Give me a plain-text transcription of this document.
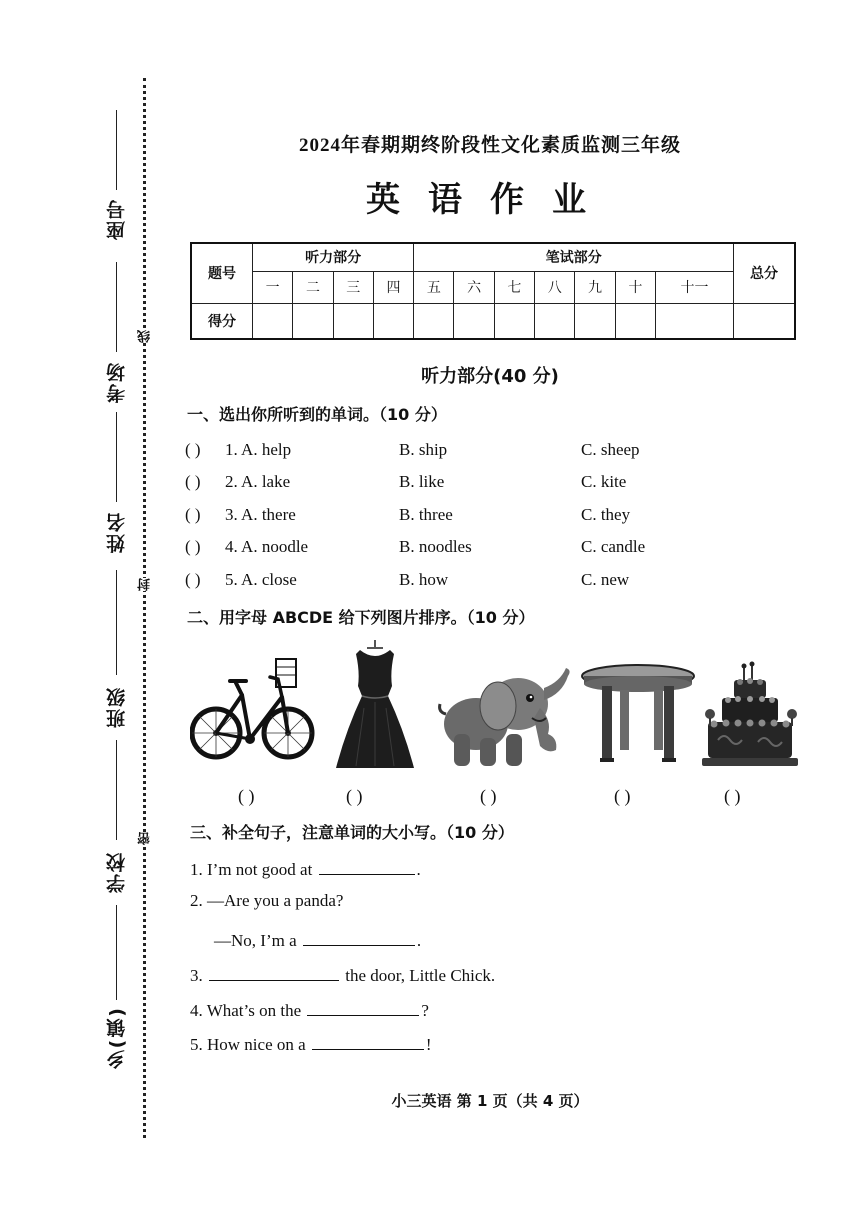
乡(镇)
学校
班级
姓名
考场
座号
密
封
线
2024年春期期终阶段性文化素质监测三年级
英语作业
题号	听力部分				笔试部分							总分
	一	二	三	四	五	六	七	八	九	十	十一	
得分												
听力部分(40 分)
一、选出你所听到的单词。（10 分）
( ) 1. A. help	B. ship	C. sheep
( ) 2. A. lake	B. like	C. kite
( ) 3. A. there	B. three	C. they
( ) 4. A. noodle	B. noodles	C. candle
( ) 5. A. close	B. how	C. new
二、用字母 ABCDE 给下列图片排序。（10 分）
( )	( )	( )	( )	( )
三、补全句子，注意单词的大小写。（10 分）
1. I’m not good at	.
2. —Are you a panda?
—No, I’m a	.
3.	the door, Little Chick.
4. What’s on the	?
5. How nice on a	!
小三英语 第 1 页（共 4 页）
